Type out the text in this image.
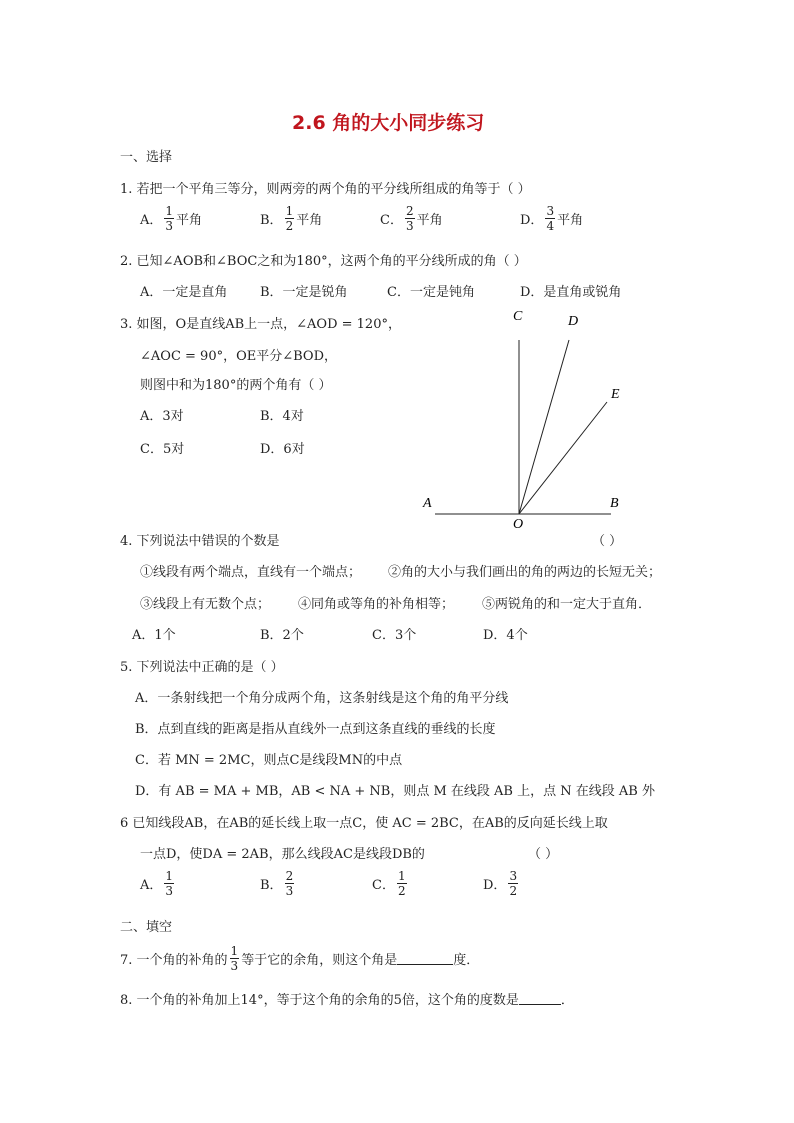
2.6 角的大小同步练习
一、选择
1. 若把一个平角三等分，则两旁的两个角的平分线所组成的角等于（ ）
A． $\frac{1}{3}$ 平角	B． $\frac{1}{2}$ 平角	C． $\frac{2}{3}$ 平角	D． $\frac{3}{4}$ 平角
2. 已知∠AOB和∠BOC之和为180°，这两个角的平分线所成的角（ ）
A．一定是直角	B．一定是锐角	C．一定是钝角	D．是直角或锐角
3. 如图，O是直线AB上一点，∠AOD = 120°，
∠AOC = 90°，OE平分∠BOD，
则图中和为180°的两个角有（ ）
A．3对	B．4对
C．5对	D．6对
C	D
E
A	B
O
4. 下列说法中错误的个数是	（ ）
①线段有两个端点，直线有一个端点； ②角的大小与我们画出的角的两边的长短无关；
③线段上有无数个点； ④同角或等角的补角相等； ⑤两锐角的和一定大于直角．
A．1个	B．2个	C．3个	D．4个
5. 下列说法中正确的是（ ）
A．一条射线把一个角分成两个角，这条射线是这个角的角平分线
B．点到直线的距离是指从直线外一点到这条直线的垂线的长度
C．若 MN = 2MC，则点C是线段MN的中点
D．有 AB = MA + MB，AB < NA + NB，则点 M 在线段 AB 上，点 N 在线段 AB 外
6 已知线段AB，在AB的延长线上取一点C，使 AC = 2BC，在AB的反向延长线上取
一点D，使DA = 2AB，那么线段AC是线段DB的	（ ）
A． $\frac{1}{3}$	B． $\frac{2}{3}$	C． $\frac{1}{2}$	D． $\frac{3}{2}$
二、填空
7. 一个角的补角的 $\frac{1}{3}$ 等于它的余角，则这个角是	度．
8. 一个角的补角加上14°，等于这个角的余角的5倍，这个角的度数是	．
